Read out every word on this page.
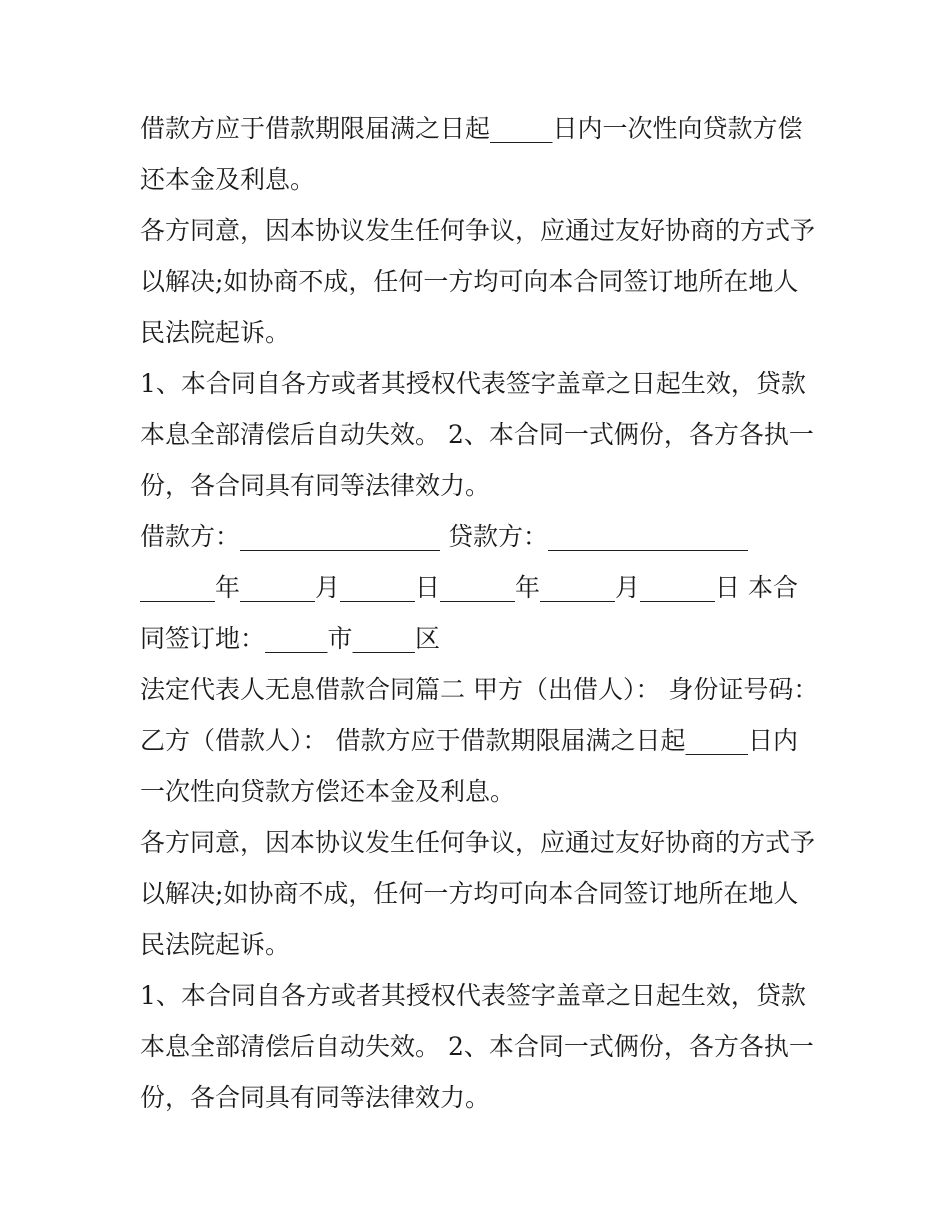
借款方应于借款期限届满之日起_____日内一次性向贷款方偿还本金及利息。

各方同意，因本协议发生任何争议，应通过友好协商的方式予以解决;如协商不成，任何一方均可向本合同签订地所在地人民法院起诉。

1、本合同自各方或者其授权代表签字盖章之日起生效，贷款本息全部清偿后自动失效。 2、本合同一式俩份，各方各执一份，各合同具有同等法律效力。

借款方：________________ 贷款方：________________

______年______月______日______年______月______日 本合同签订地：_____市_____区

法定代表人无息借款合同篇二 甲方（出借人）： 身份证号码： 乙方（借款人）： 借款方应于借款期限届满之日起_____日内一次性向贷款方偿还本金及利息。

各方同意，因本协议发生任何争议，应通过友好协商的方式予以解决;如协商不成，任何一方均可向本合同签订地所在地人民法院起诉。

1、本合同自各方或者其授权代表签字盖章之日起生效，贷款本息全部清偿后自动失效。 2、本合同一式俩份，各方各执一份，各合同具有同等法律效力。
